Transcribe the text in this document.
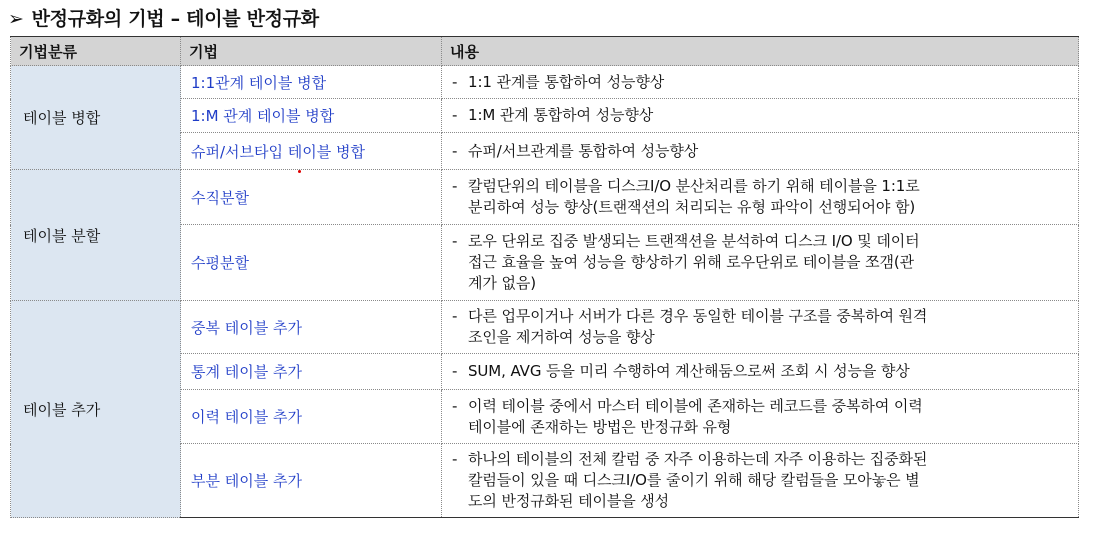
➢ 반정규화의 기법 – 테이블 반정규화
기법분류	기법	내용
테이블 병합	1:1관계 테이블 병합	- 1:1 관계를 통합하여 성능향상

	1:M 관계 테이블 병합	- 1:M 관계 통합하여 성능향상

	슈퍼/서브타입 테이블 병합	- 슈퍼/서브관계를 통합하여 성능향상

테이블 분할	수직분할	- 칼럼단위의 테이블을 디스크I/O 분산처리를 하기 위해 테이블을 1:1로
분리하여 성능 향상(트랜잭션의 처리되는 유형 파악이 선행되어야 함)

	수평분할	- 로우 단위로 집중 발생되는 트랜잭션을 분석하여 디스크 I/O 및 데이터
접근 효율을 높여 성능을 향상하기 위해 로우단위로 테이블을 쪼갬(관
계가 없음)

테이블 추가	중복 테이블 추가	- 다른 업무이거나 서버가 다른 경우 동일한 테이블 구조를 중복하여 원격
조인을 제거하여 성능을 향상

	통계 테이블 추가	- SUM, AVG 등을 미리 수행하여 계산해둠으로써 조회 시 성능을 향상

	이력 테이블 추가	- 이력 테이블 중에서 마스터 테이블에 존재하는 레코드를 중복하여 이력
테이블에 존재하는 방법은 반정규화 유형

	부분 테이블 추가	- 하나의 테이블의 전체 칼럼 중 자주 이용하는데 자주 이용하는 집중화된
칼럼들이 있을 때 디스크I/O를 줄이기 위해 해당 칼럼들을 모아놓은 별
도의 반정규화된 테이블을 생성
